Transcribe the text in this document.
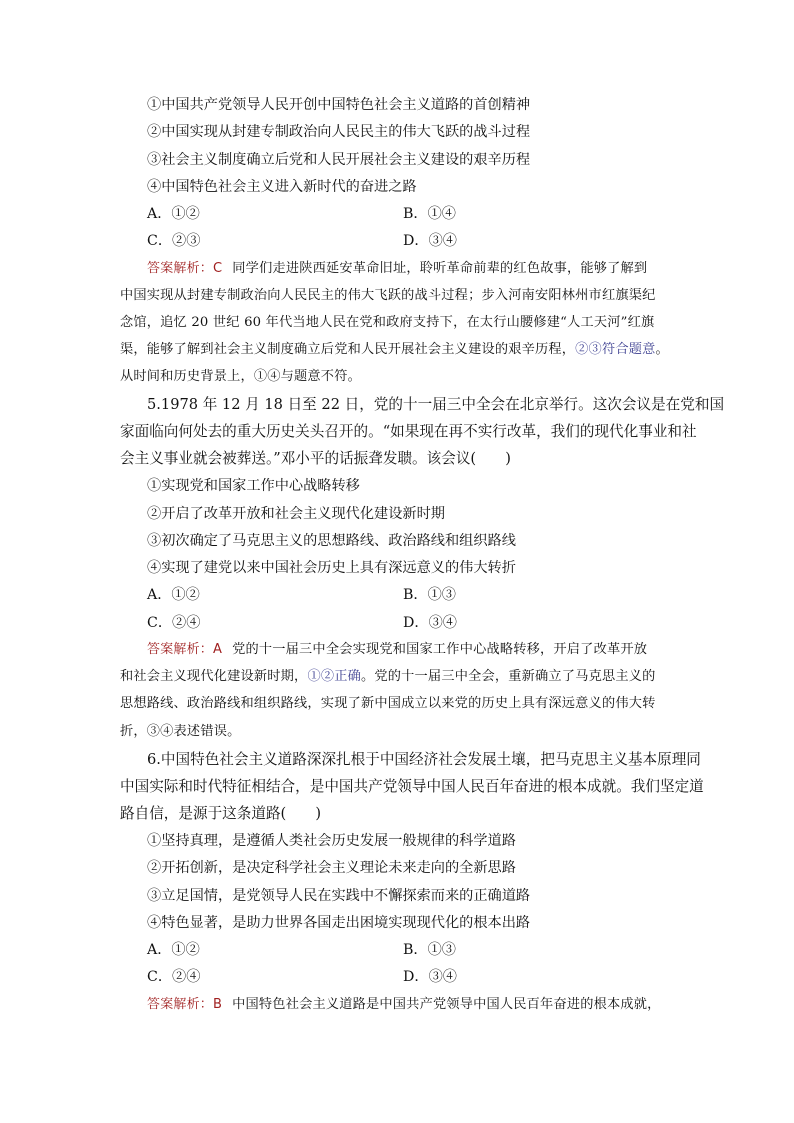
①中国共产党领导人民开创中国特色社会主义道路的首创精神
②中国实现从封建专制政治向人民民主的伟大飞跃的战斗过程
③社会主义制度确立后党和人民开展社会主义建设的艰辛历程
④中国特色社会主义进入新时代的奋进之路
A．①②	B．①④
C．②③	D．③④
答案解析：C 同学们走进陕西延安革命旧址，聆听革命前辈的红色故事，能够了解到
中国实现从封建专制政治向人民民主的伟大飞跃的战斗过程；步入河南安阳林州市红旗渠纪
念馆，追忆 20 世纪 60 年代当地人民在党和政府支持下，在太行山腰修建“人工天河”红旗
渠，能够了解到社会主义制度确立后党和人民开展社会主义建设的艰辛历程，②③符合题意。
从时间和历史背景上，①④与题意不符。
5.1978 年 12 月 18 日至 22 日，党的十一届三中全会在北京举行。这次会议是在党和国
家面临向何处去的重大历史关头召开的。“如果现在再不实行改革，我们的现代化事业和社
会主义事业就会被葬送。”邓小平的话振聋发聩。该会议(　　)
①实现党和国家工作中心战略转移
②开启了改革开放和社会主义现代化建设新时期
③初次确定了马克思主义的思想路线、政治路线和组织路线
④实现了建党以来中国社会历史上具有深远意义的伟大转折
A．①②	B．①③
C．②④	D．③④
答案解析：A 党的十一届三中全会实现党和国家工作中心战略转移，开启了改革开放
和社会主义现代化建设新时期，①②正确。党的十一届三中全会，重新确立了马克思主义的
思想路线、政治路线和组织路线，实现了新中国成立以来党的历史上具有深远意义的伟大转
折，③④表述错误。
6.中国特色社会主义道路深深扎根于中国经济社会发展土壤，把马克思主义基本原理同
中国实际和时代特征相结合，是中国共产党领导中国人民百年奋进的根本成就。我们坚定道
路自信，是源于这条道路(　　)
①坚持真理，是遵循人类社会历史发展一般规律的科学道路
②开拓创新，是决定科学社会主义理论未来走向的全新思路
③立足国情，是党领导人民在实践中不懈探索而来的正确道路
④特色显著，是助力世界各国走出困境实现现代化的根本出路
A．①②	B．①③
C．②④	D．③④
答案解析：B 中国特色社会主义道路是中国共产党领导中国人民百年奋进的根本成就，
